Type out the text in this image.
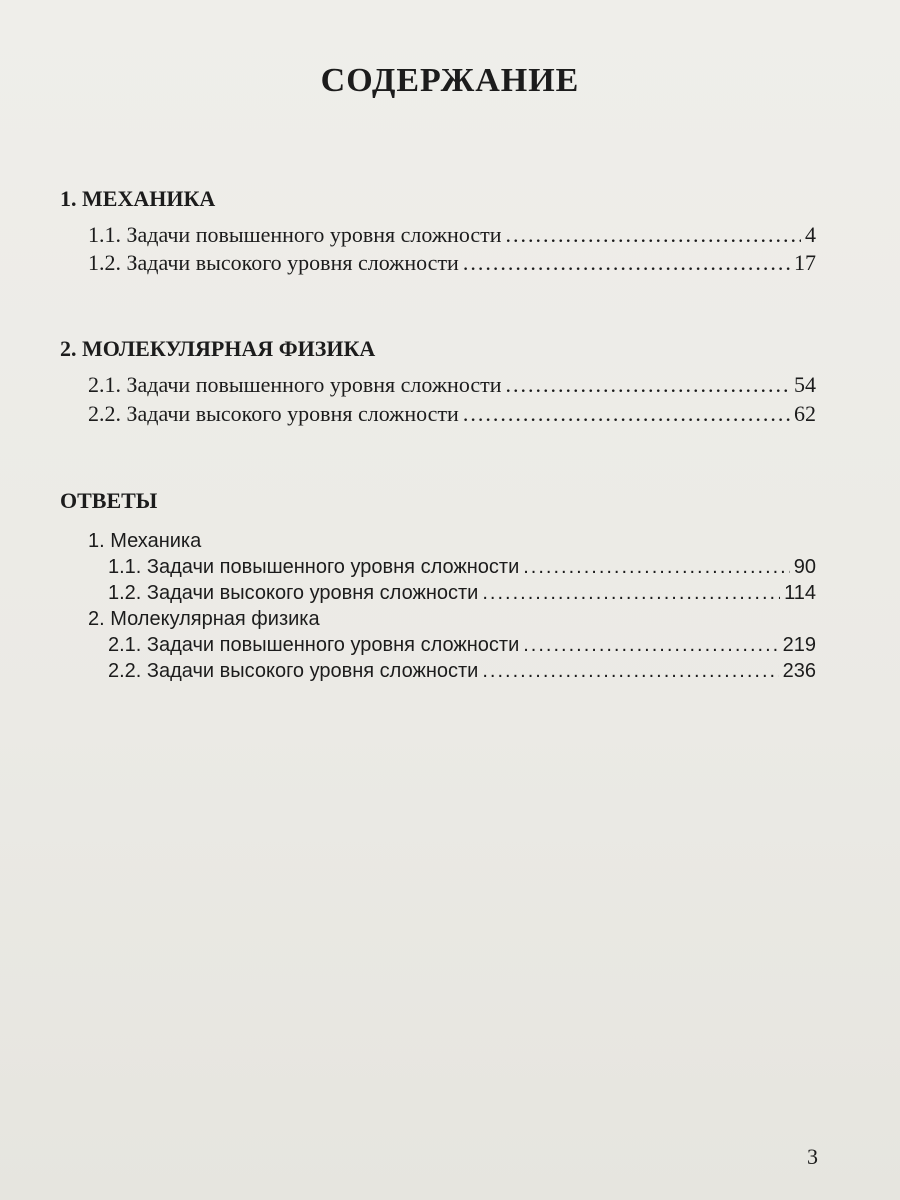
СОДЕРЖАНИЕ
1. МЕХАНИКА
1.1. Задачи повышенного уровня сложности .....	4
1.2. Задачи высокого уровня сложности .....	17
2. МОЛЕКУЛЯРНАЯ ФИЗИКА
2.1. Задачи повышенного уровня сложности .....	54
2.2. Задачи высокого уровня сложности .....	62
ОТВЕТЫ
1. Механика
1.1. Задачи повышенного уровня сложности .....	90
1.2. Задачи высокого уровня сложности .....	114
2. Молекулярная физика
2.1. Задачи повышенного уровня сложности .....	219
2.2. Задачи высокого уровня сложности .....	236
3
